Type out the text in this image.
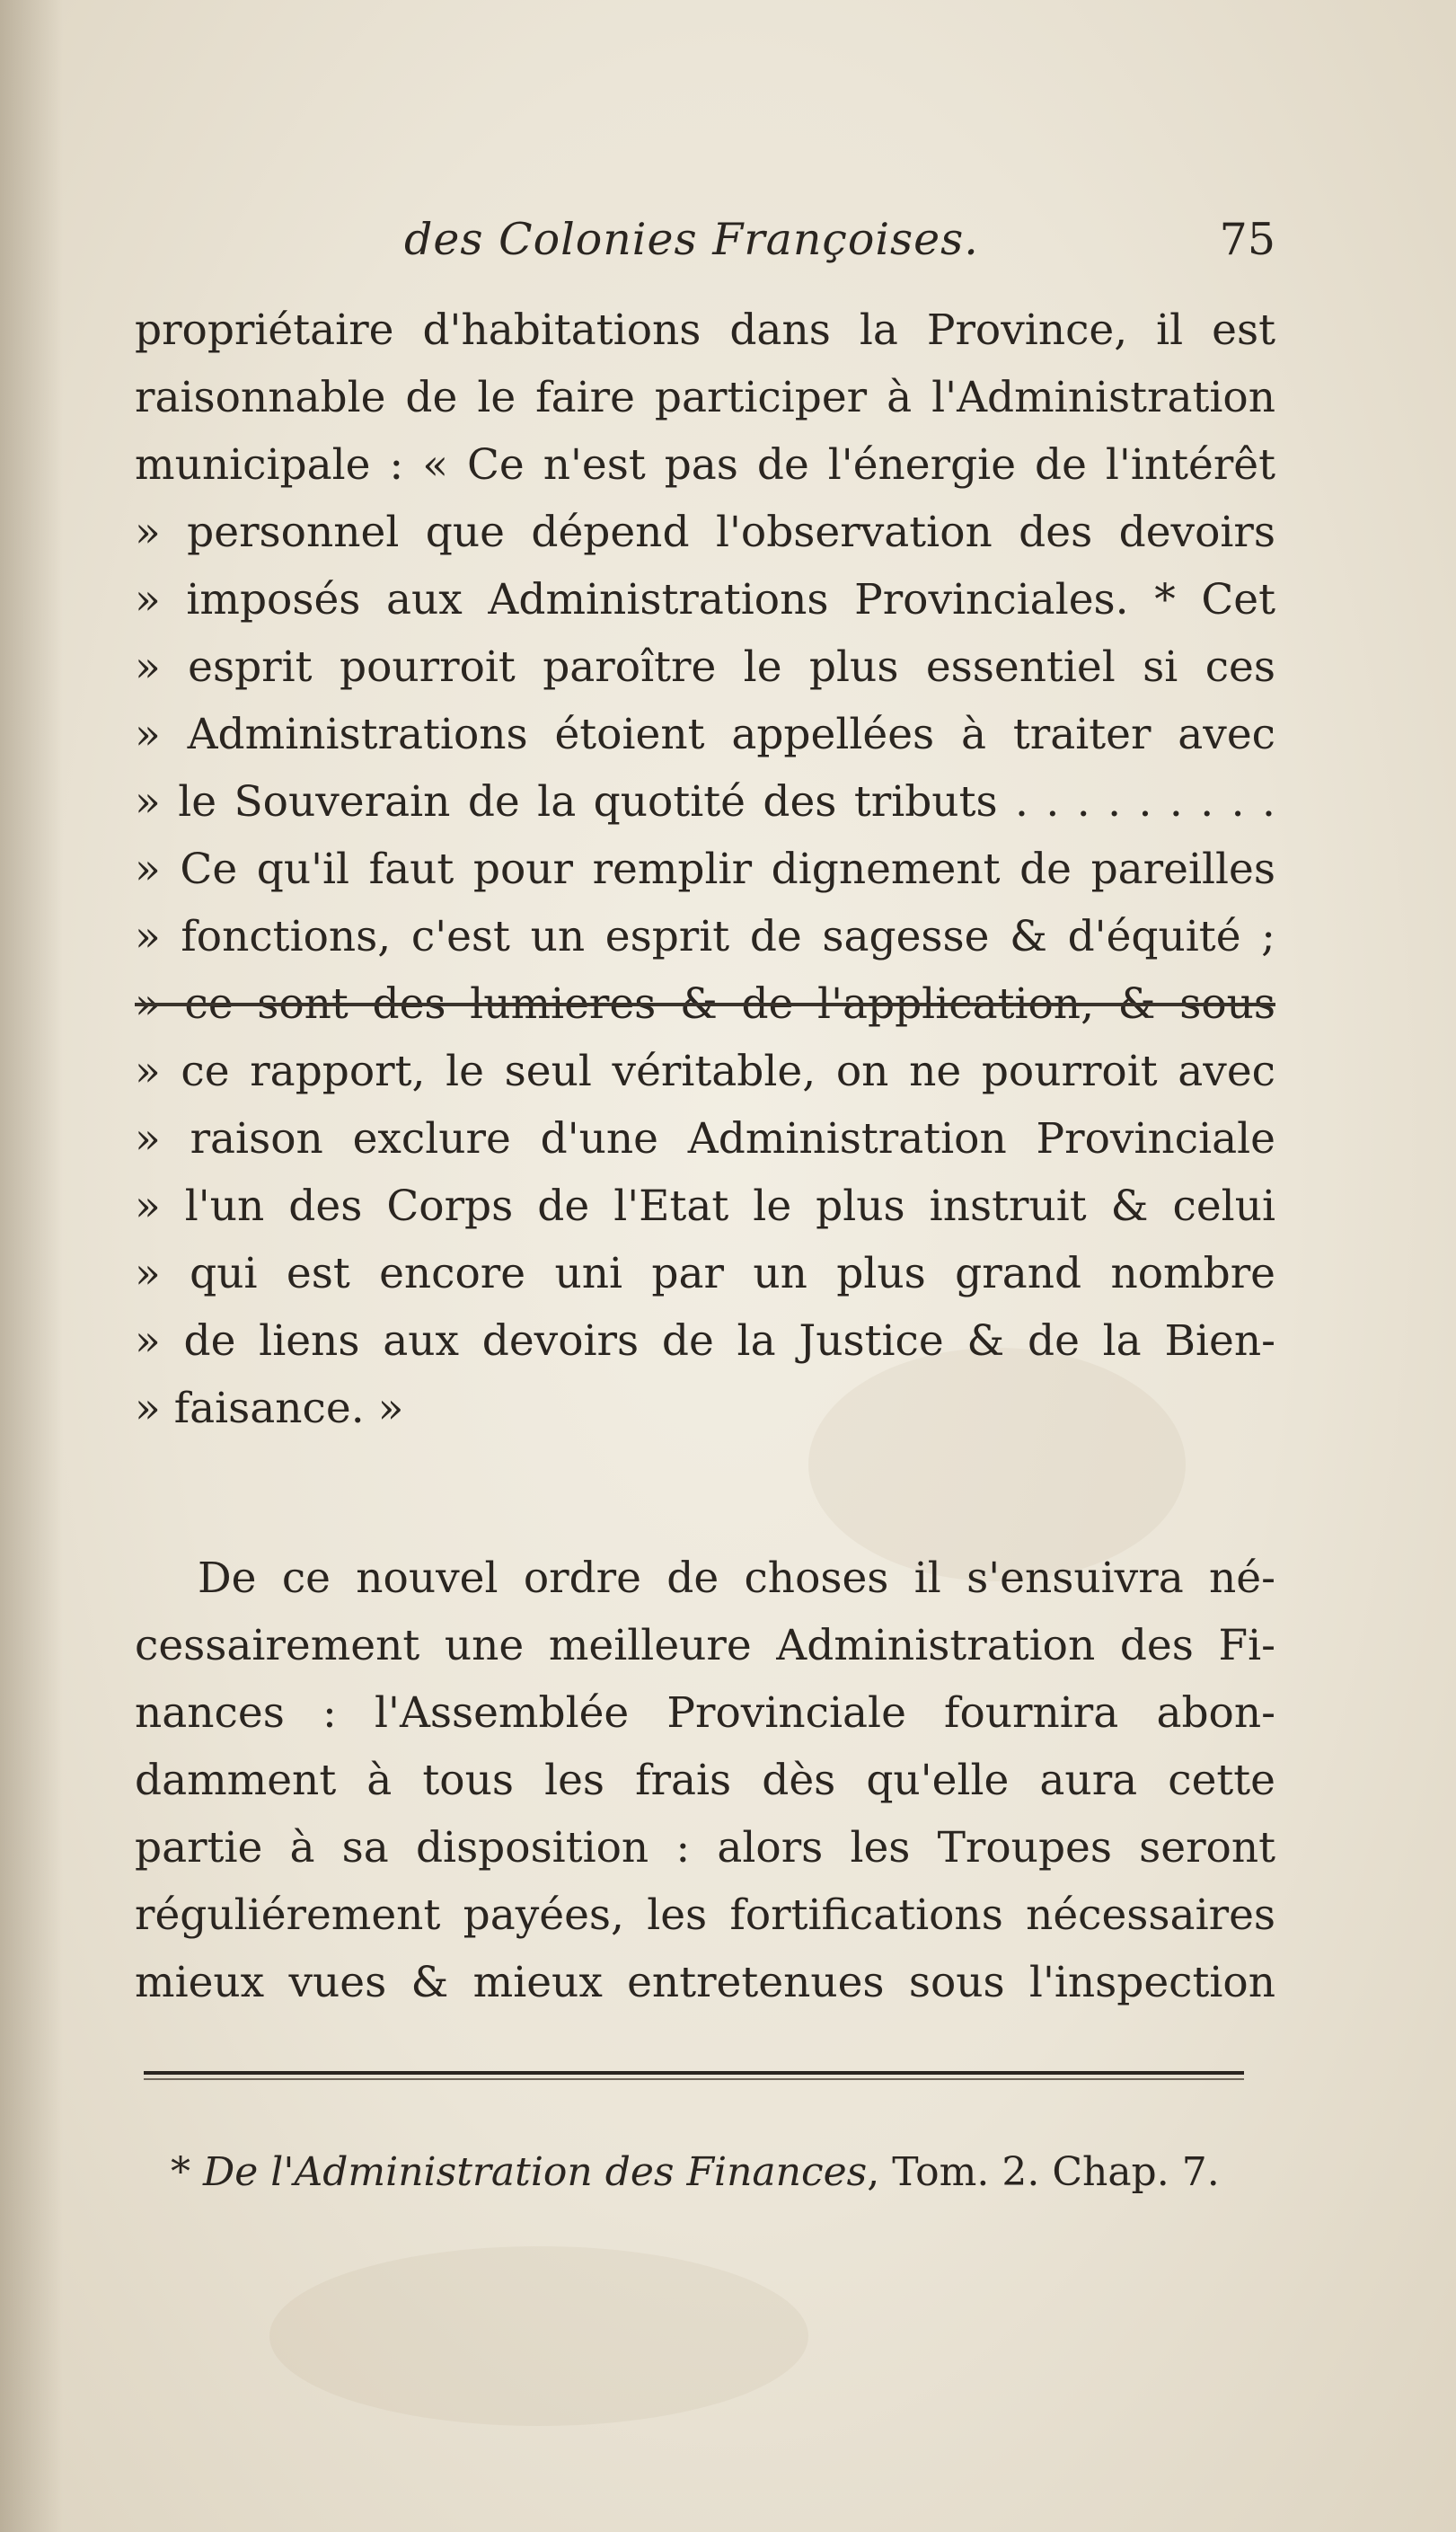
des Colonies Françoises.	75
propriétaire d'habitations dans la Province, il est
raisonnable de le faire participer à l'Administration
municipale : « Ce n'est pas de l'énergie de l'intérêt
» personnel que dépend l'observation des devoirs
» imposés aux Administrations Provinciales. * Cet
» esprit pourroit paroître le plus essentiel si ces
» Administrations étoient appellées à traiter avec
» le Souverain de la quotité des tributs . . . . . . . . .
» Ce qu'il faut pour remplir dignement de pareilles
» fonctions, c'est un esprit de sagesse & d'équité ;
» ce sont des lumieres & de l'application, & sous
» ce rapport, le seul véritable, on ne pourroit avec
» raison exclure d'une Administration Provinciale
» l'un des Corps de l'Etat le plus instruit & celui
» qui est encore uni par un plus grand nombre
» de liens aux devoirs de la Justice & de la Bien-
» faisance. »
De ce nouvel ordre de choses il s'ensuivra né-
cessairement une meilleure Administration des Fi-
nances : l'Assemblée Provinciale fournira abon-
damment à tous les frais dès qu'elle aura cette
partie à sa disposition : alors les Troupes seront
réguliérement payées, les fortifications nécessaires
mieux vues & mieux entretenues sous l'inspection
* De l'Administration des Finances, Tom. 2. Chap. 7.
